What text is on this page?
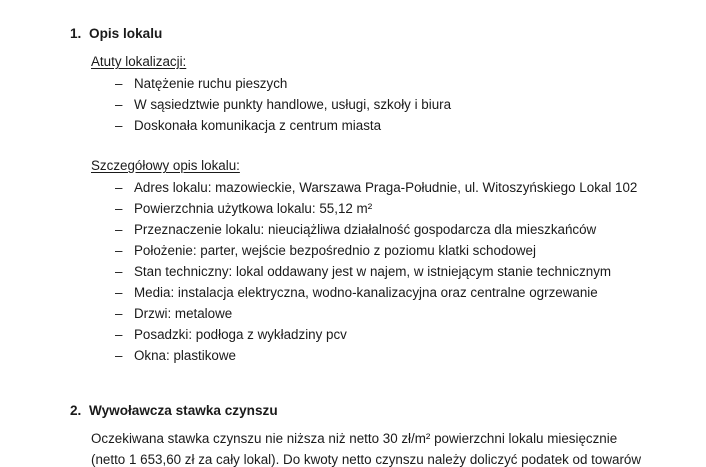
1. Opis lokalu
Atuty lokalizacji:
– Natężenie ruchu pieszych
– W sąsiedztwie punkty handlowe, usługi, szkoły i biura
– Doskonała komunikacja z centrum miasta
Szczegółowy opis lokalu:
– Adres lokalu: mazowieckie, Warszawa Praga-Południe, ul. Witoszyńskiego Lokal 102
– Powierzchnia użytkowa lokalu: 55,12 m²
– Przeznaczenie lokalu: nieuciążliwa działalność gospodarcza dla mieszkańców
– Położenie: parter, wejście bezpośrednio z poziomu klatki schodowej
– Stan techniczny: lokal oddawany jest w najem, w istniejącym stanie technicznym
– Media: instalacja elektryczna, wodno-kanalizacyjna oraz centralne ogrzewanie
– Drzwi: metalowe
– Posadzki: podłoga z wykładziny pcv
– Okna: plastikowe
2. Wywoławcza stawka czynszu
Oczekiwana stawka czynszu nie niższa niż netto 30 zł/m² powierzchni lokalu miesięcznie
(netto 1 653,60 zł za cały lokal). Do kwoty netto czynszu należy doliczyć podatek od towarów
